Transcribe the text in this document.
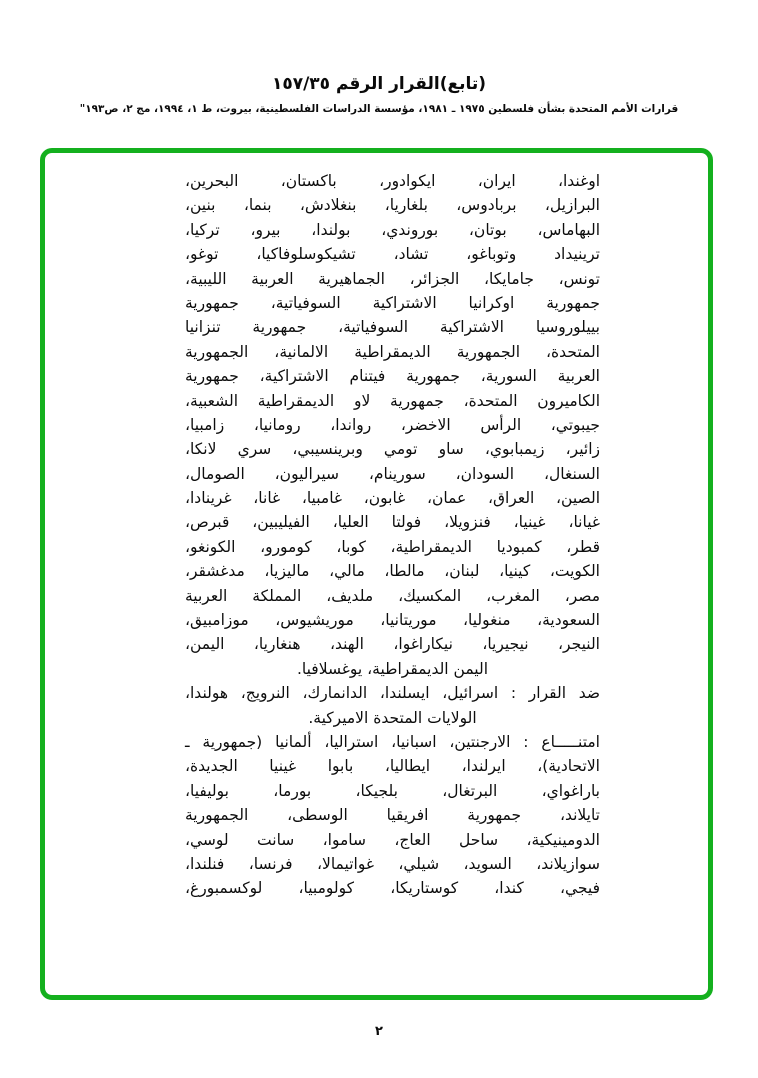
(تابع)القرار الرقم ١٥٧/٣٥
قرارات الأمم المتحدة بشأن فلسطين ١٩٧٥ ـ ١٩٨١، مؤسسة الدراسات الفلسطينية، بيروت، ط ١، ١٩٩٤، مج ٢، ص١٩٣"
اوغندا، ايران، ايكوادور، باكستان، البحرين،
البرازيل، بربادوس، بلغاريا، بنغلادش، بنما، بنين،
البهاماس، بوتان، بوروندي، بولندا، بيرو، تركيا،
ترينيداد وتوباغو، تشاد، تشيكوسلوفاكيا، توغو،
تونس، جامايكا، الجزائر، الجماهيرية العربية الليبية،
جمهورية اوكرانيا الاشتراكية السوفياتية، جمهورية
بييلوروسيا الاشتراكية السوفياتية، جمهورية تنزانيا
المتحدة، الجمهورية الديمقراطية الالمانية، الجمهورية
العربية السورية، جمهورية فيتنام الاشتراكية، جمهورية
الكاميرون المتحدة، جمهورية لاو الديمقراطية الشعبية،
جيبوتي، الرأس الاخضر، رواندا، رومانيا، زامبيا،
زائير، زيمبابوي، ساو تومي وبرينسيبي، سري لانكا،
السنغال، السودان، سورينام، سيراليون، الصومال،
الصين، العراق، عمان، غابون، غامبيا، غانا، غرينادا،
غيانا، غينيا، فنزويلا، فولتا العليا، الفيليبين، قبرص،
قطر، كمبوديا الديمقراطية، كوبا، كومورو، الكونغو،
الكويت، كينيا، لبنان، مالطا، مالي، ماليزيا، مدغشقر،
مصر، المغرب، المكسيك، ملديف، المملكة العربية
السعودية، منغوليا، موريتانيا، موريشيوس، موزامبيق،
النيجر، نيجيريا، نيكاراغوا، الهند، هنغاريا، اليمن،
اليمن الديمقراطية، يوغسلافيا.
ضد القرار : اسرائيل، ايسلندا، الدانمارك، النرويج، هولندا،
الولايات المتحدة الاميركية.
امتنـــــاع : الارجنتين، اسبانيا، استراليا، ألمانيا (جمهورية ـ
الاتحادية)، ايرلندا، ايطاليا، بابوا غينيا الجديدة،
باراغواي، البرتغال، بلجيكا، بورما، بوليفيا،
تايلاند، جمهورية افريقيا الوسطى، الجمهورية
الدومينيكية، ساحل العاج، ساموا، سانت لوسي،
سوازيلاند، السويد، شيلي، غواتيمالا، فرنسا، فنلندا،
فيجي، كندا، كوستاريكا، كولومبيا، لوكسمبورغ،
٢
